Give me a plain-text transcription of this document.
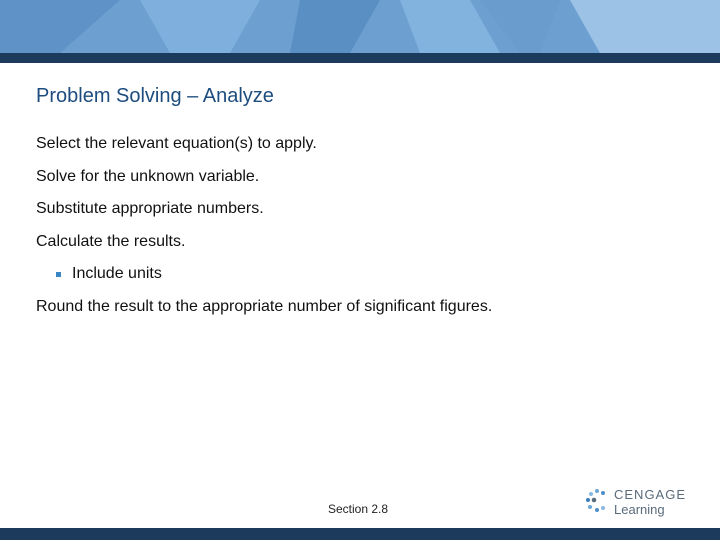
Problem Solving – Analyze
Select the relevant equation(s) to apply.
Solve for the unknown variable.
Substitute appropriate numbers.
Calculate the results.
Include units
Round the result to the appropriate number of significant figures.
Section 2.8
CENGAGE
Learning
